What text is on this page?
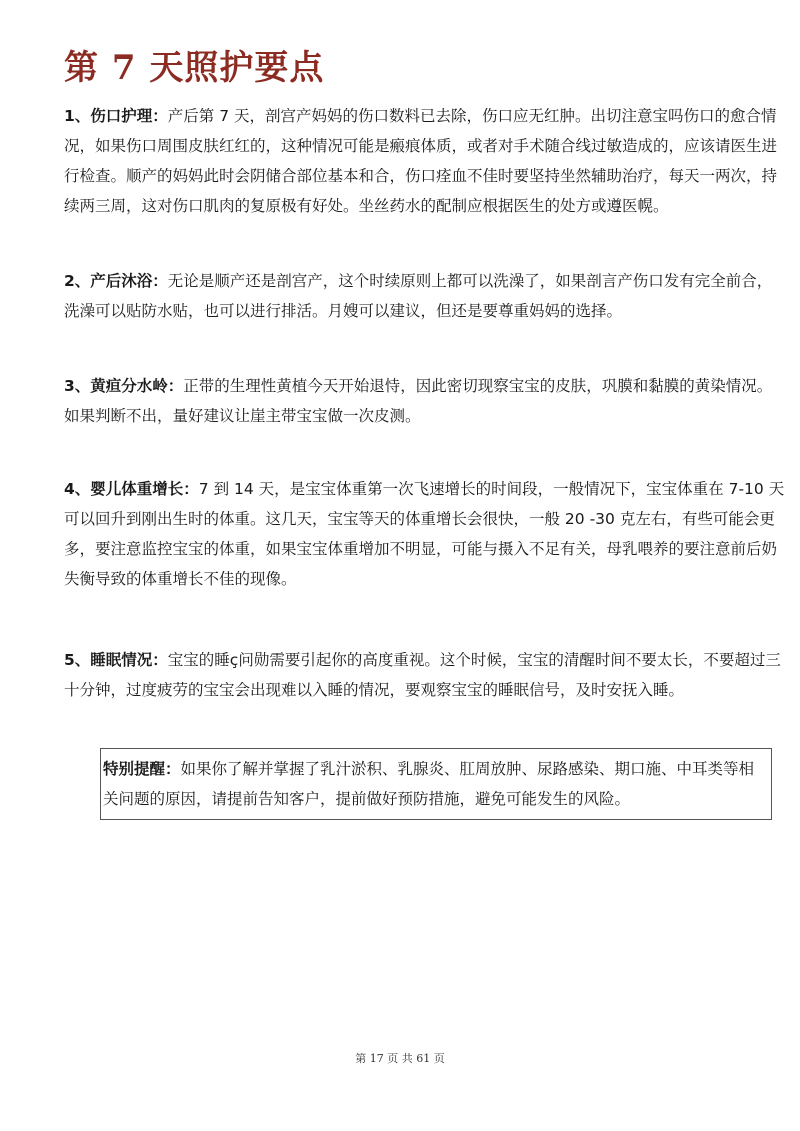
第 7 天照护要点

1、伤口护理：产后第 7 天，剖宫产妈妈的伤口数料已去除，伤口应无红肿。出切注意宝吗伤口的愈合情况，如果伤口周围皮肤红红的，这种情况可能是瘢痕体质，或者对手术随合线过敏造成的，应该请医生进行检查。顺产的妈妈此时会阴储合部位基本和合，伤口痊血不佳时要坚持坐然辅助治疗，每天一两次，持续两三周，这对伤口肌肉的复原极有好处。坐丝药水的配制应根据医生的处方或遵医幌。

2、产后沐浴：无论是顺产还是剖宫产，这个时续原则上都可以洗澡了，如果剖言产伤口发有完全前合，洗澡可以贴防水贴，也可以进行排活。月嫂可以建议，但还是要尊重妈妈的选择。

3、黄疸分水岭：正带的生理性黄植今天开始退恃，因此密切现察宝宝的皮肤，巩膜和黏膜的黄染情况。如果判断不出，量好建议让崖主带宝宝做一次皮测。

4、婴儿体重增长：7 到 14 天，是宝宝体重第一次飞速增长的时间段，一般情况下，宝宝体重在 7-10 天可以回升到刚出生时的体重。这几天，宝宝等天的体重增长会很快，一般 20 -30 克左右，有些可能会更多，要注意监控宝宝的体重，如果宝宝体重增加不明显，可能与摄入不足有关，母乳喂养的要注意前后奶失衡导致的体重增长不佳的现像。

5、睡眠情况：宝宝的睡ç问勋需要引起你的高度重视。这个时候，宝宝的清醒时间不要太长，不要超过三十分钟，过度疲劳的宝宝会出现难以入睡的情况，要观察宝宝的睡眠信号，及时安抚入睡。

特别提醒：如果你了解并掌握了乳汁淤积、乳腺炎、肛周放肿、尿路感染、期口施、中耳类等相关问题的原因，请提前告知客户，提前做好预防措施，避免可能发生的风险。
第 17 页 共 61 页
